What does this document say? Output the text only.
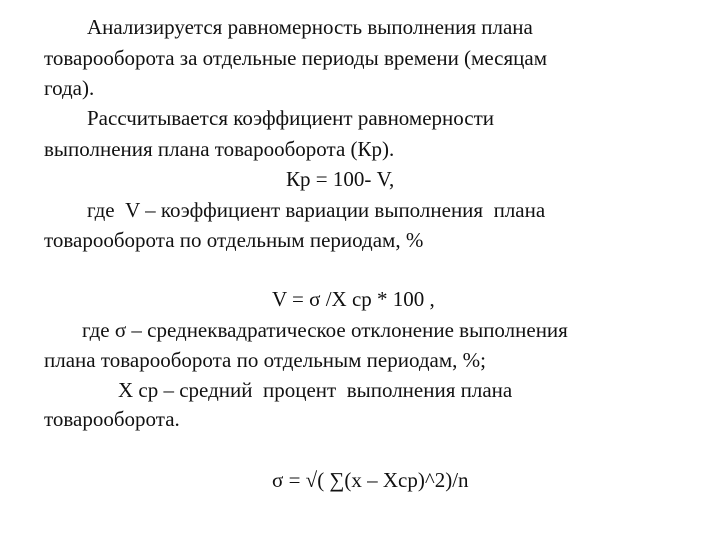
Анализируется равномерность выполнения плана
товарооборота за отдельные периоды времени (месяцам
года).
Рассчитывается коэффициент равномерности
выполнения плана товарооборота (Кр).
Кр = 100- V,
где  V – коэффициент вариации выполнения  плана
товарооборота по отдельным периодам, %
V = σ /X ср * 100 ,
где σ – среднеквадратическое отклонение выполнения
плана товарооборота по отдельным периодам, %;
X ср – средний  процент  выполнения плана
товарооборота.
σ = √( ∑(x – Xср)^2)/n
